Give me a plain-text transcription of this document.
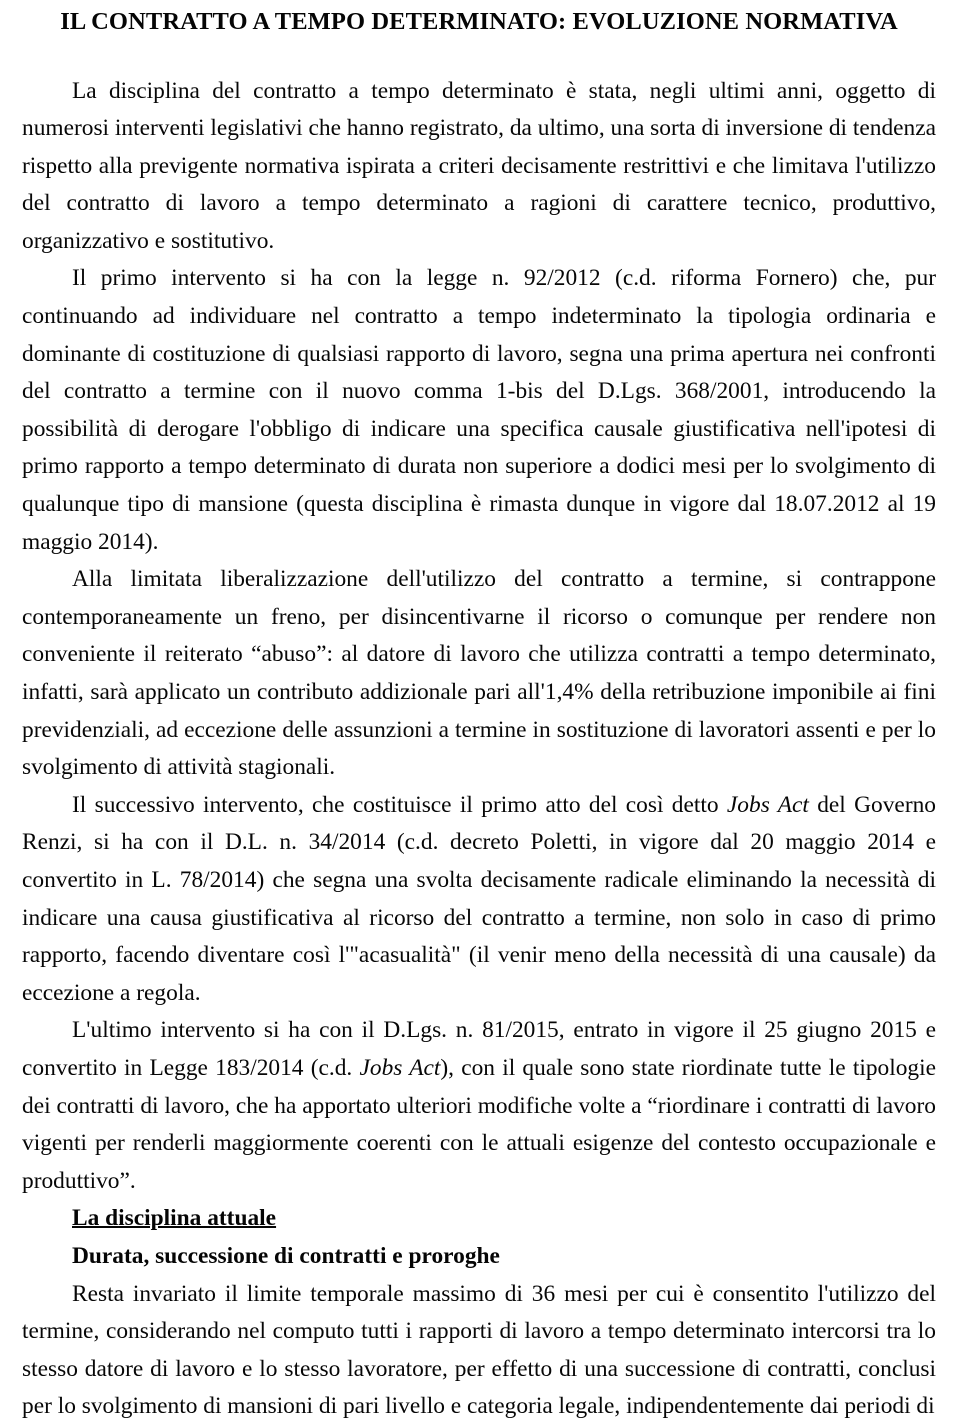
IL CONTRATTO A TEMPO DETERMINATO: EVOLUZIONE NORMATIVA

La disciplina del contratto a tempo determinato è stata, negli ultimi anni, oggetto di numerosi interventi legislativi che hanno registrato, da ultimo, una sorta di inversione di tendenza rispetto alla previgente normativa ispirata a criteri decisamente restrittivi e che limitava l'utilizzo del contratto di lavoro a tempo determinato a ragioni di carattere tecnico, produttivo, organizzativo e sostitutivo.

Il primo intervento si ha con la legge n. 92/2012 (c.d. riforma Fornero) che, pur continuando ad individuare nel contratto a tempo indeterminato la tipologia ordinaria e dominante di costituzione di qualsiasi rapporto di lavoro, segna una prima apertura nei confronti del contratto a termine con il nuovo comma 1-bis del D.Lgs. 368/2001, introducendo la possibilità di derogare l'obbligo di indicare una specifica causale giustificativa nell'ipotesi di primo rapporto a tempo determinato di durata non superiore a dodici mesi per lo svolgimento di qualunque tipo di mansione (questa disciplina è rimasta dunque in vigore dal 18.07.2012 al 19 maggio 2014).

Alla limitata liberalizzazione dell'utilizzo del contratto a termine, si contrappone contemporaneamente un freno, per disincentivarne il ricorso o comunque per rendere non conveniente il reiterato “abuso”: al datore di lavoro che utilizza contratti a tempo determinato, infatti, sarà applicato un contributo addizionale pari all'1,4% della retribuzione imponibile ai fini previdenziali, ad eccezione delle assunzioni a termine in sostituzione di lavoratori assenti e per lo svolgimento di attività stagionali.

Il successivo intervento, che costituisce il primo atto del così detto Jobs Act del Governo Renzi, si ha con il D.L. n. 34/2014 (c.d. decreto Poletti, in vigore dal 20 maggio 2014 e convertito in L. 78/2014) che segna una svolta decisamente radicale eliminando la necessità di indicare una causa giustificativa al ricorso del contratto a termine, non solo in caso di primo rapporto, facendo diventare così l'"acasualità" (il venir meno della necessità di una causale) da eccezione a regola.

L'ultimo intervento si ha con il D.Lgs. n. 81/2015, entrato in vigore il 25 giugno 2015 e convertito in Legge 183/2014 (c.d. Jobs Act), con il quale sono state riordinate tutte le tipologie dei contratti di lavoro, che ha apportato ulteriori modifiche volte a “riordinare i contratti di lavoro vigenti per renderli maggiormente coerenti con le attuali esigenze del contesto occupazionale e produttivo”.

La disciplina attuale
Durata, successione di contratti e proroghe

Resta invariato il limite temporale massimo di 36 mesi per cui è consentito l'utilizzo del termine, considerando nel computo tutti i rapporti di lavoro a tempo determinato intercorsi tra lo stesso datore di lavoro e lo stesso lavoratore, per effetto di una successione di contratti, conclusi per lo svolgimento di mansioni di pari livello e categoria legale, indipendentemente dai periodi di
